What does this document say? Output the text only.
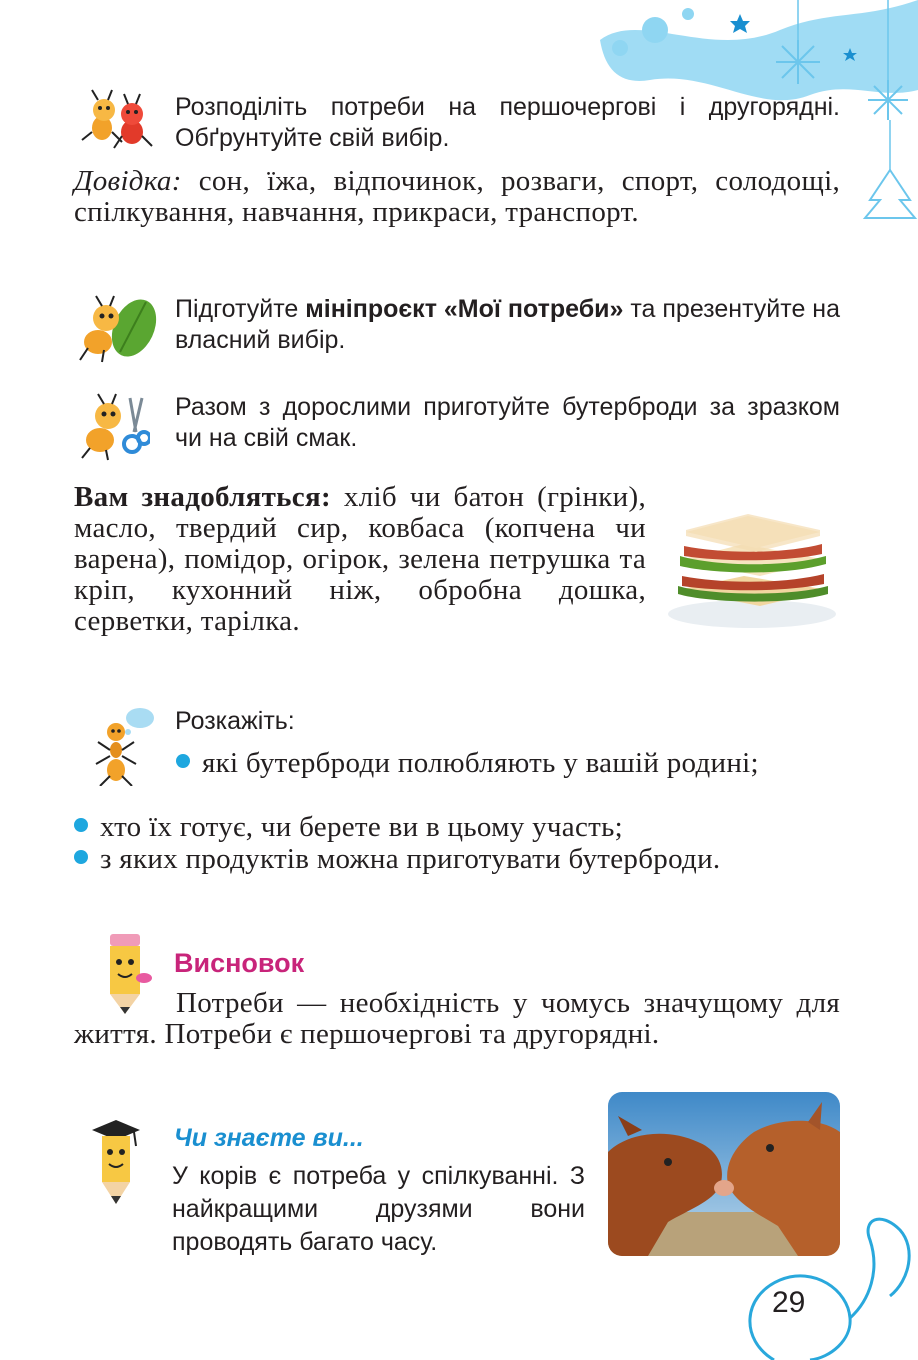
Розподіліть потреби на першочергові і другорядні. Обґрунтуйте свій вибір.
Довідка: сон, їжа, відпочинок, розваги, спорт, солодощі, спілкування, навчання, прикраси, транспорт.
Підготуйте мініпроєкт «Мої потреби» та презентуйте на власний вибір.
Разом з дорослими приготуйте бутерброди за зразком чи на свій смак.
Вам знадобляться: хліб чи батон (грінки), масло, твердий сир, ковбаса (копчена чи варена), помідор, огірок, зелена петрушка та кріп, кухонний ніж, обробна дошка, серветки, тарілка.
Розкажіть:
які бутерброди полюбляють у вашій родині;
хто їх готує, чи берете ви в цьому участь;
з яких продуктів можна приготувати бутерброди.
Висновок
Потреби — необхідність у чомусь значущому для життя. Потреби є першочергові та другорядні.
Чи знаєте ви...
У корів є потреба у спілкуванні. З найкращими друзями вони проводять багато часу.
29
